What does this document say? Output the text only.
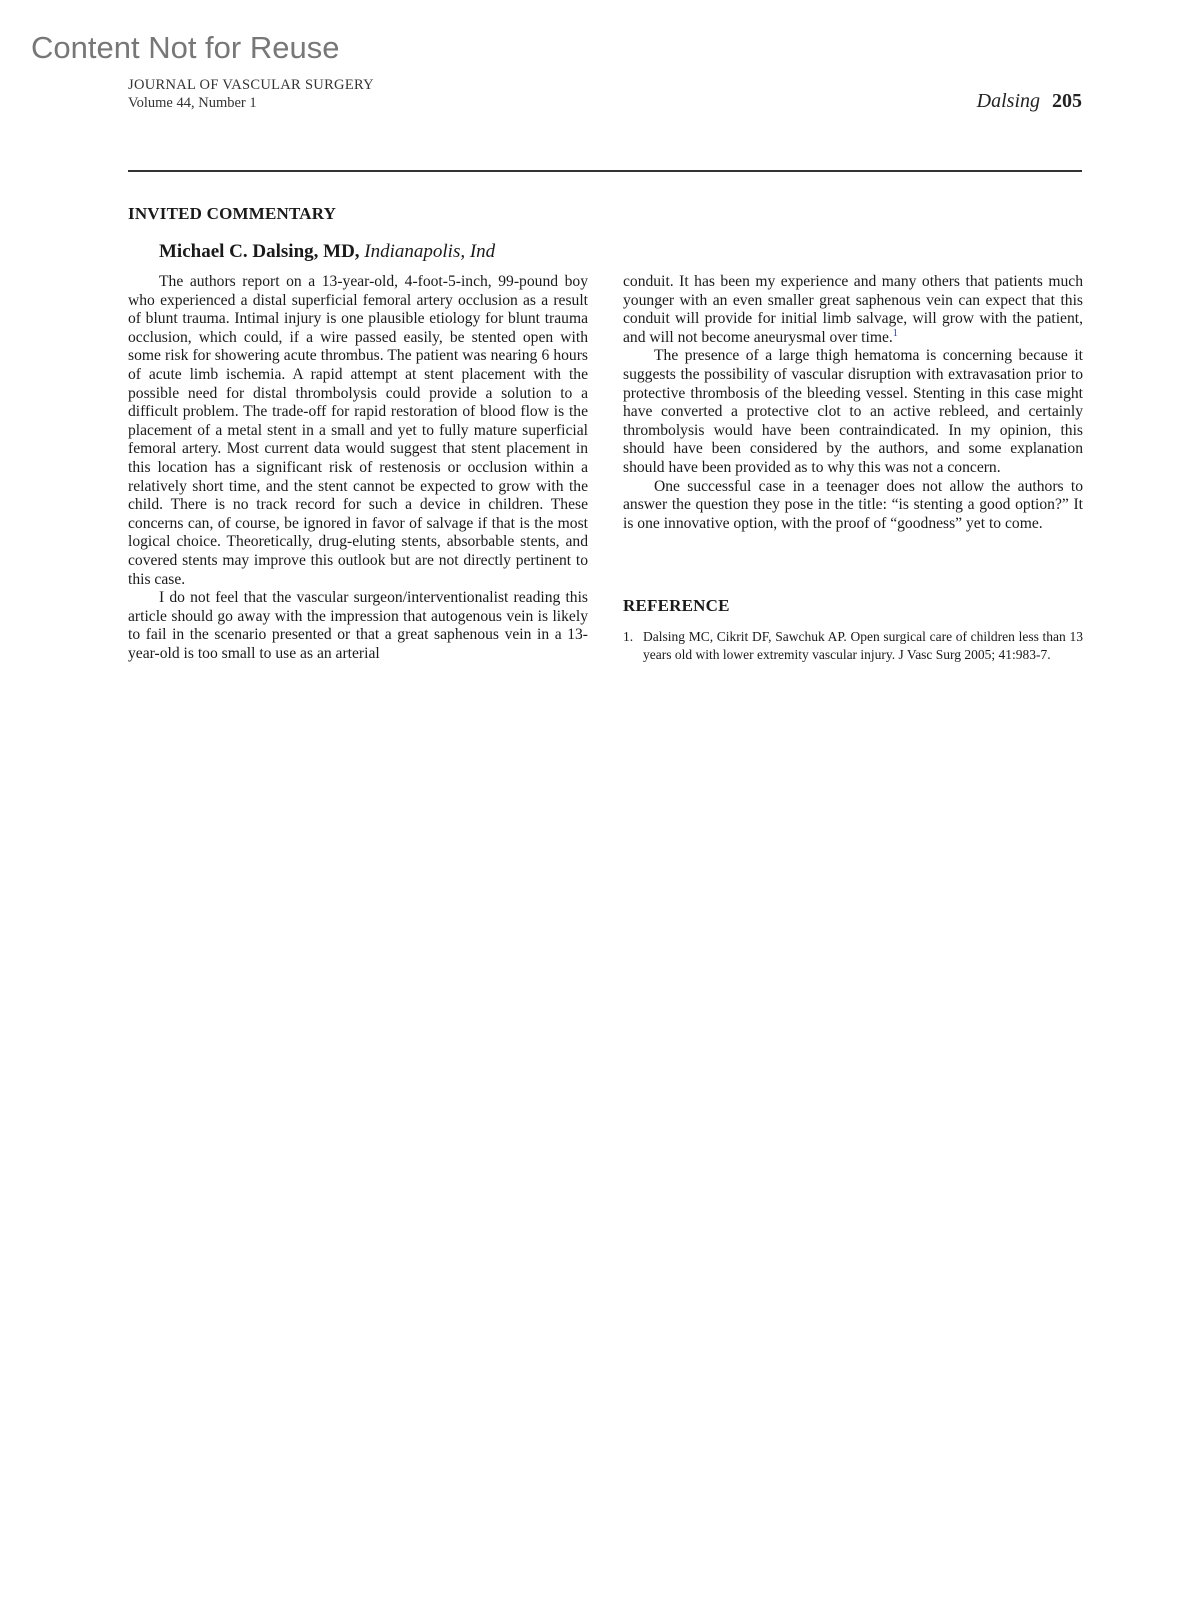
Content Not for Reuse
JOURNAL OF VASCULAR SURGERY
Volume 44, Number 1	Dalsing 205
INVITED COMMENTARY
Michael C. Dalsing, MD, Indianapolis, Ind

The authors report on a 13-year-old, 4-foot-5-inch, 99-pound boy who experienced a distal superficial femoral artery occlusion as a result of blunt trauma. Intimal injury is one plausible etiology for blunt trauma occlusion, which could, if a wire passed easily, be stented open with some risk for showering acute thrombus. The patient was nearing 6 hours of acute limb ischemia. A rapid attempt at stent placement with the possible need for distal thrombolysis could provide a solution to a difficult problem. The trade-off for rapid restoration of blood flow is the placement of a metal stent in a small and yet to fully mature superficial femoral artery. Most current data would suggest that stent placement in this location has a significant risk of restenosis or occlusion within a relatively short time, and the stent cannot be expected to grow with the child. There is no track record for such a device in children. These concerns can, of course, be ignored in favor of salvage if that is the most logical choice. Theoretically, drug-eluting stents, absorbable stents, and covered stents may improve this outlook but are not directly pertinent to this case.

I do not feel that the vascular surgeon/interventionalist reading this article should go away with the impression that autogenous vein is likely to fail in the scenario presented or that a great saphenous vein in a 13-year-old is too small to use as an arterial

conduit. It has been my experience and many others that patients much younger with an even smaller great saphenous vein can expect that this conduit will provide for initial limb salvage, will grow with the patient, and will not become aneurysmal over time.$^1$

The presence of a large thigh hematoma is concerning because it suggests the possibility of vascular disruption with extravasation prior to protective thrombosis of the bleeding vessel. Stenting in this case might have converted a protective clot to an active rebleed, and certainly thrombolysis would have been contraindicated. In my opinion, this should have been considered by the authors, and some explanation should have been provided as to why this was not a concern.

One successful case in a teenager does not allow the authors to answer the question they pose in the title: “is stenting a good option?” It is one innovative option, with the proof of “goodness” yet to come.

REFERENCE
1. Dalsing MC, Cikrit DF, Sawchuk AP. Open surgical care of children less than 13 years old with lower extremity vascular injury. J Vasc Surg 2005; 41:983-7.
